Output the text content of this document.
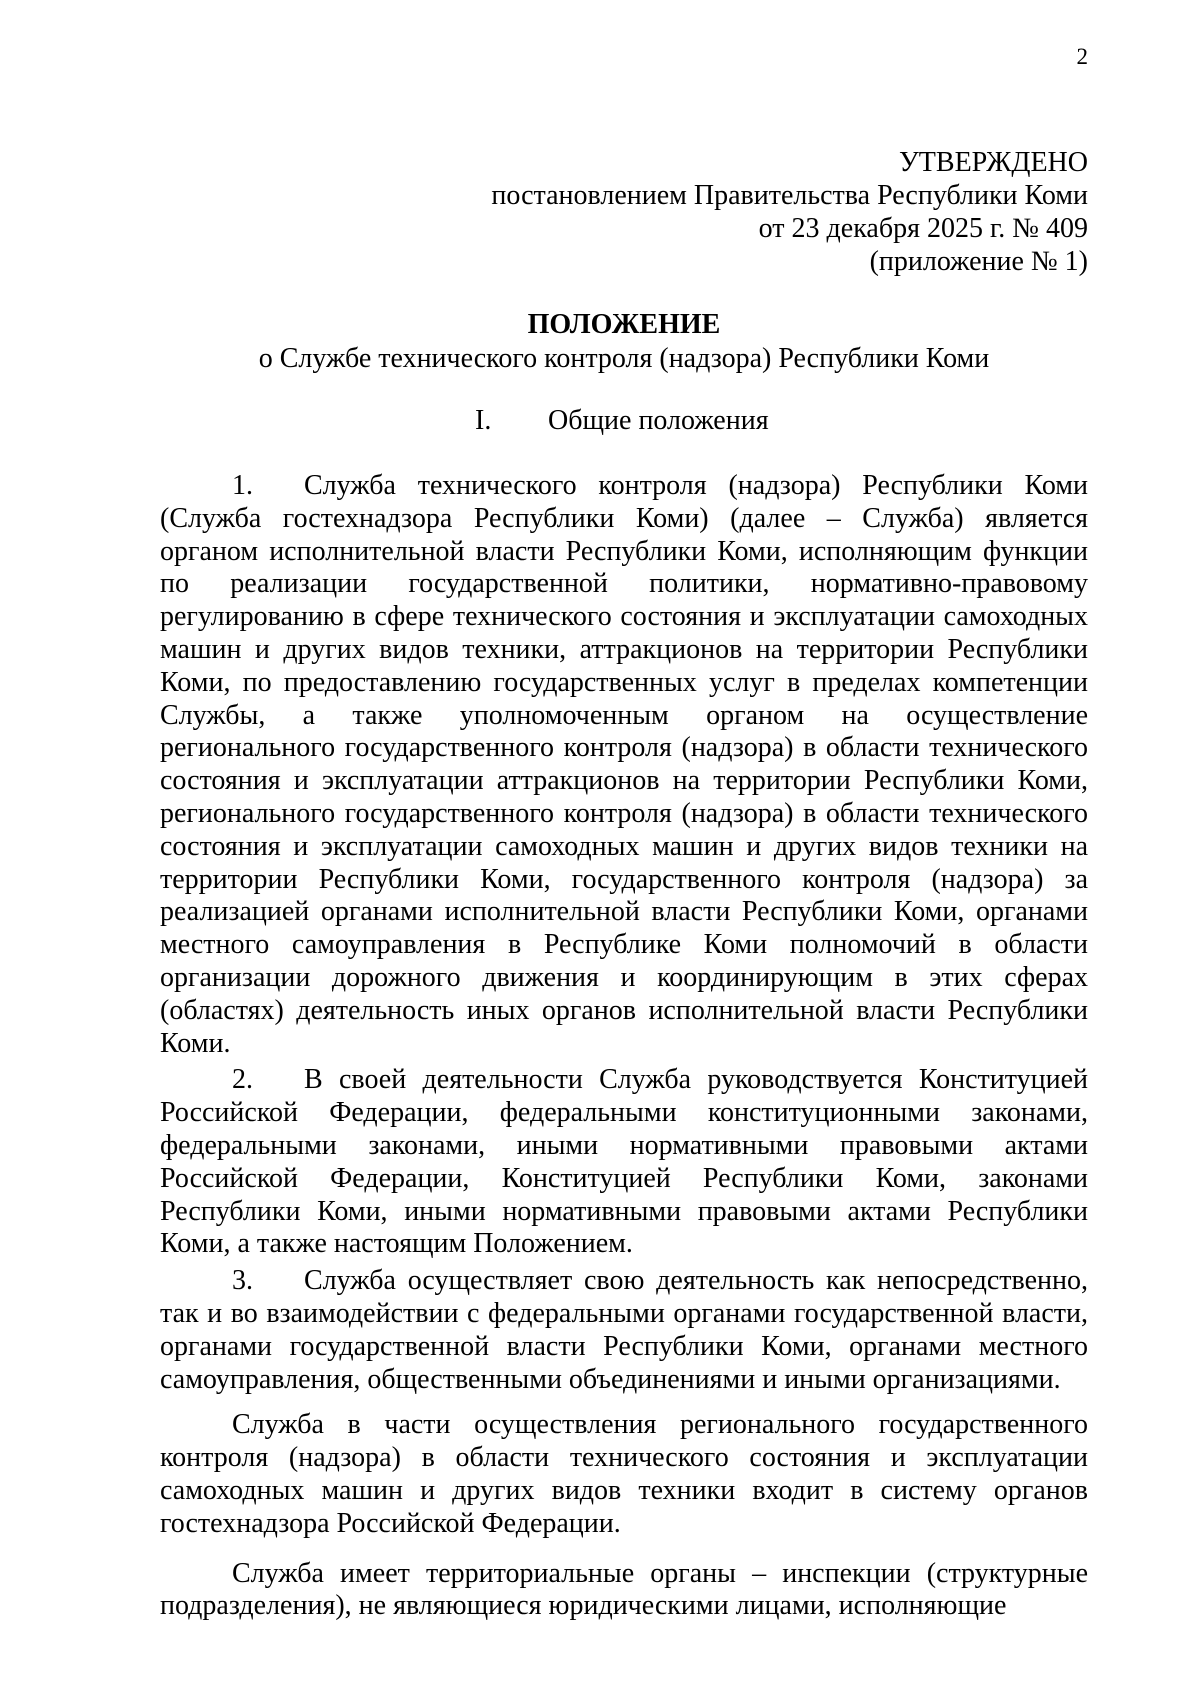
2
УТВЕРЖДЕНО
постановлением Правительства Республики Коми
от 23 декабря 2025 г. № 409
(приложение № 1)
ПОЛОЖЕНИЕ
о Службе технического контроля (надзора) Республики Коми
I. Общие положения

1. Служба технического контроля (надзора) Республики Коми (Служба гостехнадзора Республики Коми) (далее – Служба) является органом исполнительной власти Республики Коми, исполняющим функции по реализации государственной политики, нормативно-правовому регулированию в сфере технического состояния и эксплуатации самоходных машин и других видов техники, аттракционов на территории Республики Коми, по предоставлению государственных услуг в пределах компетенции Службы, а также уполномоченным органом на осуществление регионального государственного контроля (надзора) в области технического состояния и эксплуатации аттракционов на территории Республики Коми, регионального государственного контроля (надзора) в области технического состояния и эксплуатации самоходных машин и других видов техники на территории Республики Коми, государственного контроля (надзора) за реализацией органами исполнительной власти Республики Коми, органами местного самоуправления в Республике Коми полномочий в области организации дорожного движения и координирующим в этих сферах (областях) деятельность иных органов исполнительной власти Республики Коми.

2. В своей деятельности Служба руководствуется Конституцией Российской Федерации, федеральными конституционными законами, федеральными законами, иными нормативными правовыми актами Российской Федерации, Конституцией Республики Коми, законами Республики Коми, иными нормативными правовыми актами Республики Коми, а также настоящим Положением.

3. Служба осуществляет свою деятельность как непосредственно, так и во взаимодействии с федеральными органами государственной власти, органами государственной власти Республики Коми, органами местного самоуправления, общественными объединениями и иными организациями.

Служба в части осуществления регионального государственного контроля (надзора) в области технического состояния и эксплуатации самоходных машин и других видов техники входит в систему органов гостехнадзора Российской Федерации.

Служба имеет территориальные органы – инспекции (структурные подразделения), не являющиеся юридическими лицами, исполняющие
